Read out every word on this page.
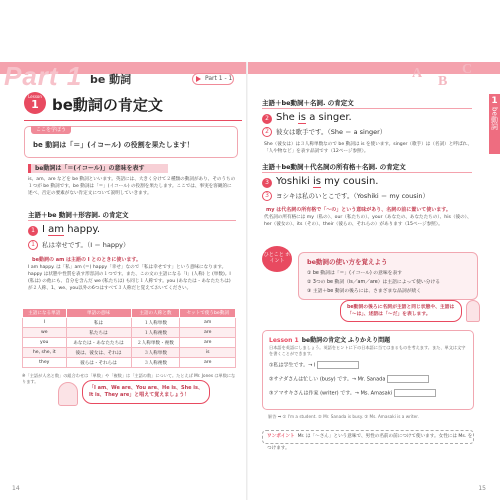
Part 1 be 動詞	Part 1 - 1	A
B
C
1
be動詞
Lesson
1 be動詞の肯定文
ここを学ぼう
be 動詞は「＝」(イコール) の役割を果たします！
be動詞は「＝(イコール)」の意味を表す
is、am、are などを be 動詞といいます。英語には、大きく分けて２種類の動詞があり、そのうちの１つが be 動詞です。be 動詞は「＝」(イコール) の役割を果たします。ここでは、事実を客観的に述べ、否定の要素がない肯定文について説明していきます。
主語＋be 動詞＋形容詞. の肯定文
1 I am happy.
1	私は幸せです。（I ＝ happy）
be動詞の am は主語の I とのときに使います。
I am happy. は「私」am (＝) happy「幸せ」なので「私は幸せです」という意味になります。happy は状態や性質を表す形容詞の１つです。また、この文の主語になる「I」(人称) と (単数)。I (私は) の他にも、自分を含んだ we (私たちは) も同じ１人称です。you (あなたは・あなたたちは) が２人称、1、we、you以外の6つはすべて３人称だと覚えておいてください。
主語になる単語	単語の意味	主語の人称と数	セットで使うbe動詞
I	私は	１人称単数	am
we	私たちは	１人称複数	are
you	あなたは・あなたたちは	２人称単数・複数	are
he, she, it	彼は、彼女は、それは	３人称単数	is
they	彼らは・それらは	３人称複数	are
※「主語が人名と数」の組合わせは「単数」や「複数」は「主語の数」について。たとえば Mr. Jones は単数になります。
「I am、We are、You are、He is、She is、It is、They are」と唱えて覚えましょう！
14
主語＋be動詞＋名詞. の肯定文
2 She is a singer.
2	彼女は歌手です。（She ＝ a singer）
She（彼女は）は３人称単数なので be 動詞は is を使います。singer（歌手）は（名詞）と呼ばれ、「人や物など」を表す品詞です（12ページ参照）。
主語＋be動詞＋代名詞の所有格＋名詞. の肯定文
3 Yoshiki is my cousin.
3	ヨシキは私のいとこです。（Yoshiki ＝ my cousin）
my は代名詞の所有格で「～の」という意味があり、名詞の前に置いて使います。
代名詞の所有格には my（私の）、our（私たちの）、your（あなたの、あなたたちの）、his（彼の）、her（彼女の）、its（その）、their（彼らの、それらの）があります（15ページ参照）。
ひとこと ポイント	be動詞の使い方を覚えよう
① be 動詞は「＝」(イコール) の意味を表す
② 3つの be 動詞（is／am／are）は主語によって使い分ける
③ 主語＋be 動詞の後ろには、さまざまな品詞が続く
be動詞の後ろに名詞が主語と同じ状態や、主語は「～は」、述語は「～だ」を表します。
Lesson 1 be動詞の肯定文 ふりかえり問題
日本語を英語にしましょう。英語をヒントに下の日本語に当てはまるものを考えます。また、単文は文字を書くことができます。
①私は学生です。→ I
②サナダさんは忙しい (busy) です。→ Mr. Sanada
③アマサキさんは作家 (writer) です。→ Ms. Amasaki
解答 ➡ ① I'm a student. ② Mr. Sanada is busy. ③ Ms. Amasaki is a writer.
ワンポイント Mr. は「～さん」という意味で、男性の名前の前につけて使います。女性には Ms. をつけます。
15
